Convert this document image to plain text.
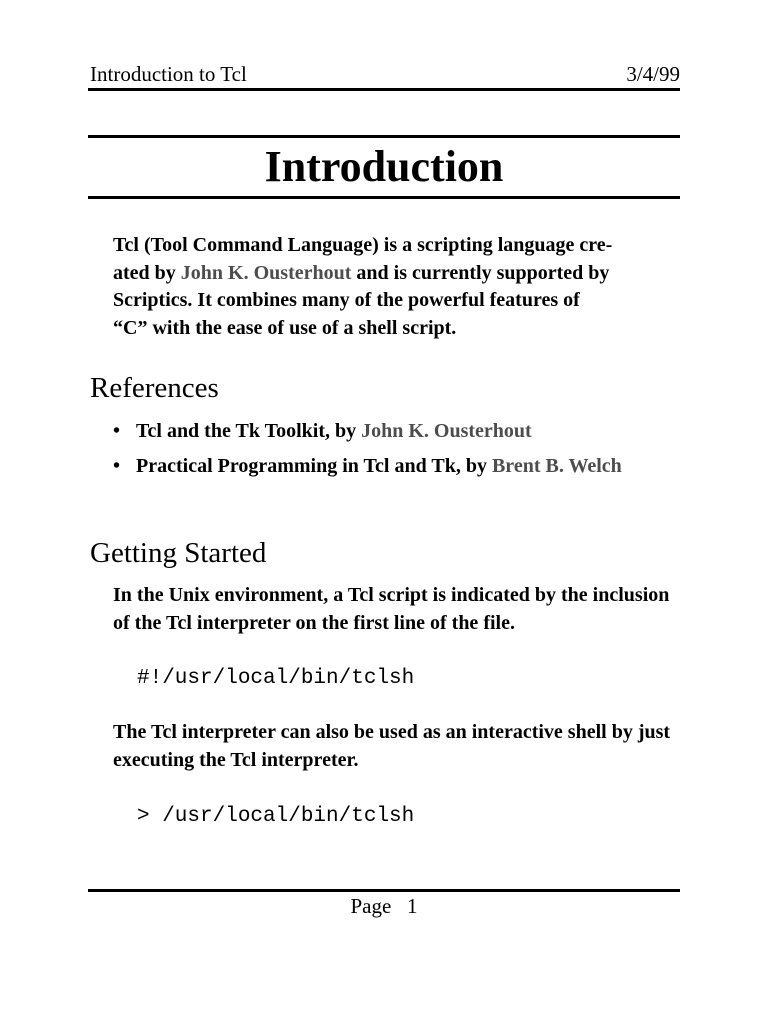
Introduction to Tcl	3/4/99
Introduction
Tcl (Tool Command Language) is a scripting language cre-
ated by John K. Ousterhout and is currently supported by
Scriptics. It combines many of the powerful features of
“C” with the ease of use of a shell script.
References
• Tcl and the Tk Toolkit, by John K. Ousterhout
• Practical Programming in Tcl and Tk, by Brent B. Welch
Getting Started
In the Unix environment, a Tcl script is indicated by the inclusion of the Tcl interpreter on the first line of the file.
#!/usr/local/bin/tclsh
The Tcl interpreter can also be used as an interactive shell by just executing the Tcl interpreter.
> /usr/local/bin/tclsh
Page 1
